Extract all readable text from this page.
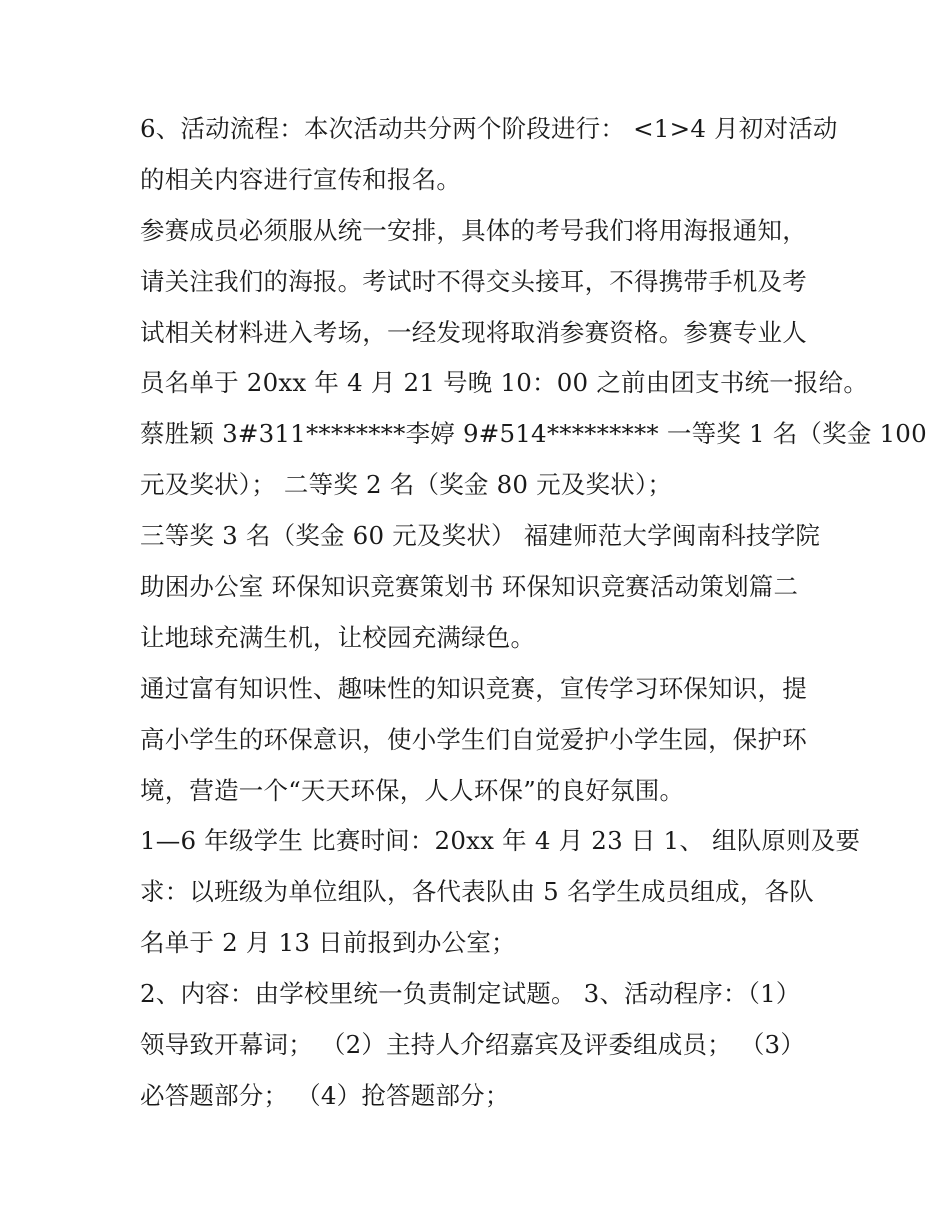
6、活动流程：本次活动共分两个阶段进行： <1>4 月初对活动
的相关内容进行宣传和报名。
参赛成员必须服从统一安排，具体的考号我们将用海报通知，
请关注我们的海报。考试时不得交头接耳，不得携带手机及考
试相关材料进入考场，一经发现将取消参赛资格。参赛专业人
员名单于 20xx 年 4 月 21 号晚 10：00 之前由团支书统一报给。
蔡胜颖 3#311********李婷 9#514********* 一等奖 1 名（奖金 100
元及奖状）； 二等奖 2 名（奖金 80 元及奖状）；
三等奖 3 名（奖金 60 元及奖状） 福建师范大学闽南科技学院
助困办公室 环保知识竞赛策划书 环保知识竞赛活动策划篇二
让地球充满生机，让校园充满绿色。
通过富有知识性、趣味性的知识竞赛，宣传学习环保知识，提
高小学生的环保意识，使小学生们自觉爱护小学生园，保护环
境，营造一个“天天环保，人人环保”的良好氛围。
1—6 年级学生 比赛时间：20xx 年 4 月 23 日 1、 组队原则及要
求：以班级为单位组队，各代表队由 5 名学生成员组成，各队
名单于 2 月 13 日前报到办公室；
2、内容：由学校里统一负责制定试题。 3、活动程序：（1）
领导致开幕词； （2）主持人介绍嘉宾及评委组成员； （3）
必答题部分； （4）抢答题部分；
